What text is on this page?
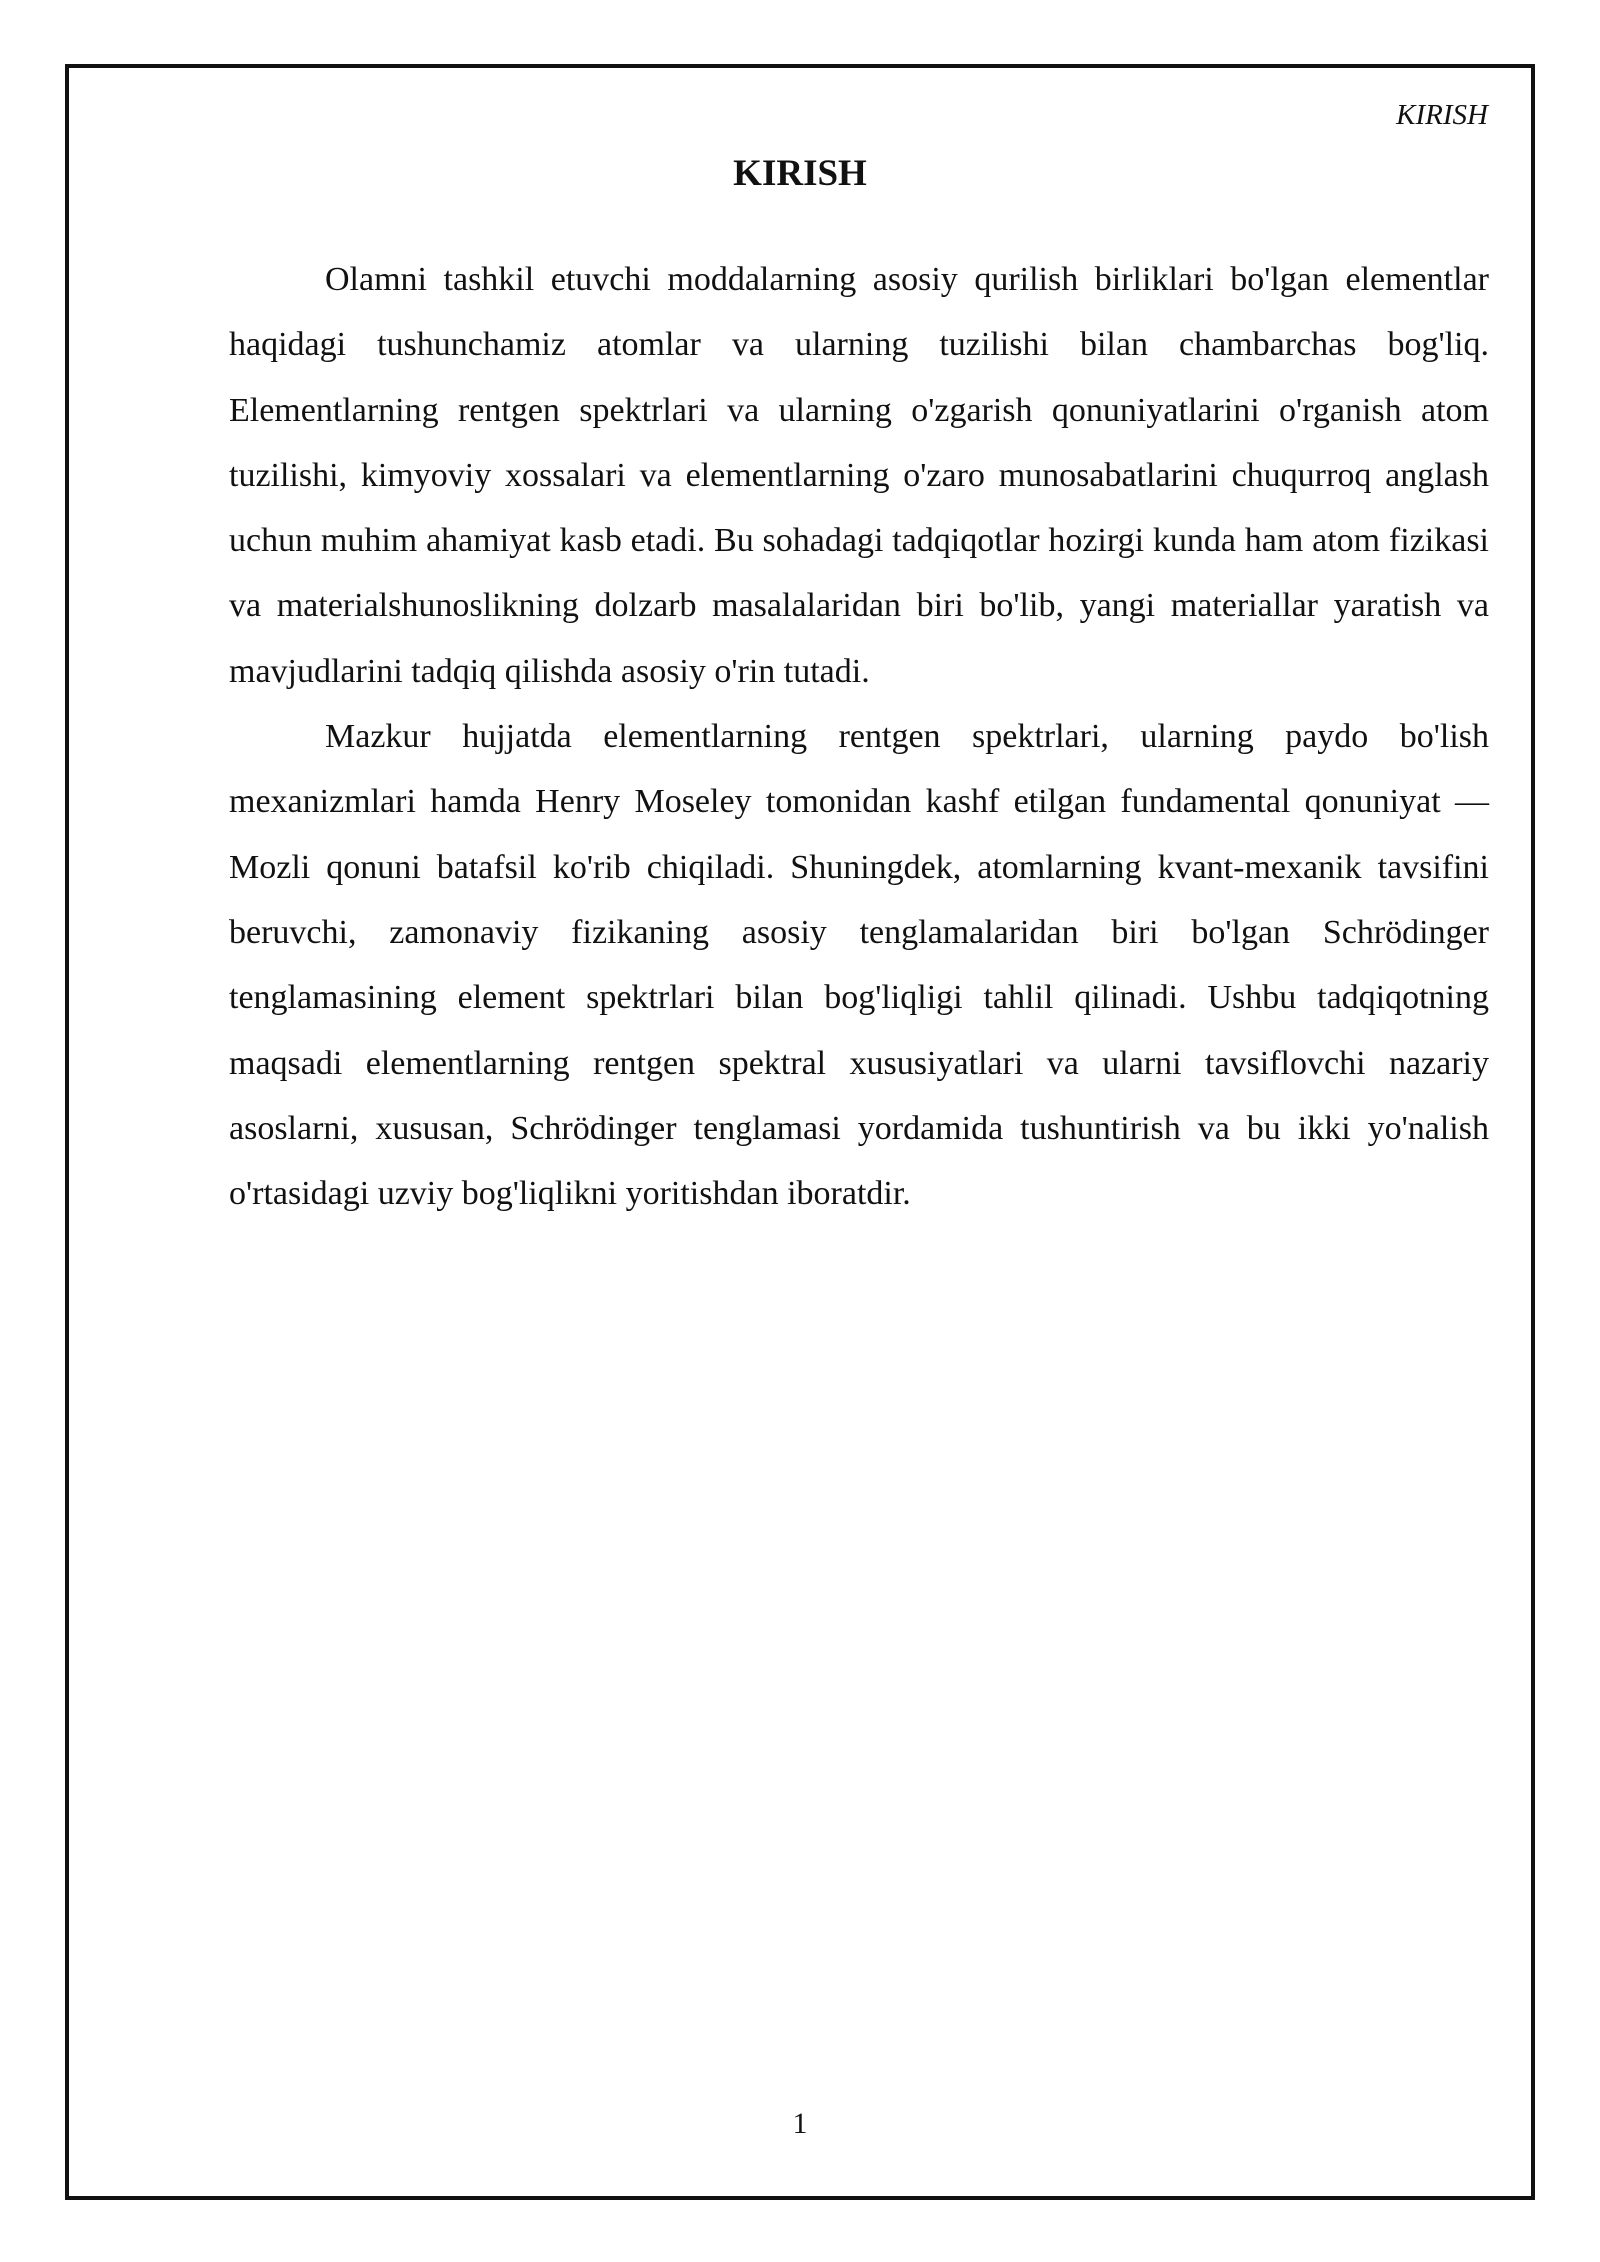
KIRISH
KIRISH

Olamni tashkil etuvchi moddalarning asosiy qurilish birliklari bo'lgan elementlar haqidagi tushunchamiz atomlar va ularning tuzilishi bilan chambarchas bog'liq. Elementlarning rentgen spektrlari va ularning o'zgarish qonuniyatlarini o'rganish atom tuzilishi, kimyoviy xossalari va elementlarning o'zaro munosabatlarini chuqurroq anglash uchun muhim ahamiyat kasb etadi. Bu sohadagi tadqiqotlar hozirgi kunda ham atom fizikasi va materialshunoslikning dolzarb masalalaridan biri bo'lib, yangi materiallar yaratish va mavjudlarini tadqiq qilishda asosiy o'rin tutadi.

Mazkur hujjatda elementlarning rentgen spektrlari, ularning paydo bo'lish mexanizmlari hamda Henry Moseley tomonidan kashf etilgan fundamental qonuniyat — Mozli qonuni batafsil ko'rib chiqiladi. Shuningdek, atomlarning kvant-mexanik tavsifini beruvchi, zamonaviy fizikaning asosiy tenglamalaridan biri bo'lgan Schrödinger tenglamasining element spektrlari bilan bog'liqligi tahlil qilinadi. Ushbu tadqiqotning maqsadi elementlarning rentgen spektral xususiyatlari va ularni tavsiflovchi nazariy asoslarni, xususan, Schrödinger tenglamasi yordamida tushuntirish va bu ikki yo'nalish o'rtasidagi uzviy bog'liqlikni yoritishdan iboratdir.

1
